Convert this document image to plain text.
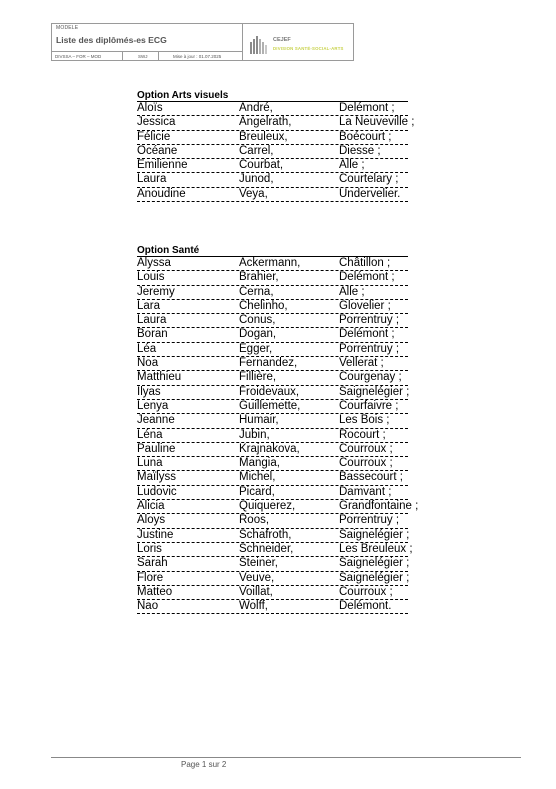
MODELE
Liste des diplômés-es ECG
DIVSSA – FOR – MOD	SWJ	Mise à jour : 01.07.2025
CEJEF
DIVISION SANTÉ-SOCIAL-ARTS
Option Arts visuels
Aloïs	André,	Delémont ;
Jessica	Angelrath,	La Neuveville ;
Félicie	Breuleux,	Boécourt ;
Océane	Carrel,	Diesse ;
Emilienne	Courbat,	Alle ;
Laura	Junod,	Courtelary ;
Anoudine	Veya,	Undervelier.
Option Santé
Alyssa	Ackermann,	Châtillon ;
Louis	Brahier,	Delémont ;
Jeremy	Cerna,	Alle ;
Lara	Chelinho,	Glovelier ;
Laura	Conus,	Porrentruy ;
Boran	Dogan,	Delémont ;
Léa	Egger,	Porrentruy ;
Noa	Fernandez,	Vellerat ;
Matthieu	Fillière,	Courgenay ;
Ilyas	Froidevaux,	Saignelégier ;
Lenya	Guillemette,	Courfaivre ;
Jeanne	Humair,	Les Bois ;
Léna	Jubin,	Rocourt ;
Pauline	Krajnakova,	Courroux ;
Luna	Mangia,	Courroux ;
Maïlyss	Michel,	Bassecourt ;
Ludovic	Picard,	Damvant ;
Alicia	Quiquerez,	Grandfontaine ;
Aloys	Roos,	Porrentruy ;
Justine	Schafroth,	Saignelégier ;
Loris	Schneider,	Les Breuleux ;
Sarah	Steiner,	Saignelégier ;
Flore	Veuve,	Saignelégier ;
Matteo	Voillat,	Courroux ;
Nao	Wolff,	Delémont.
Page 1 sur 2
